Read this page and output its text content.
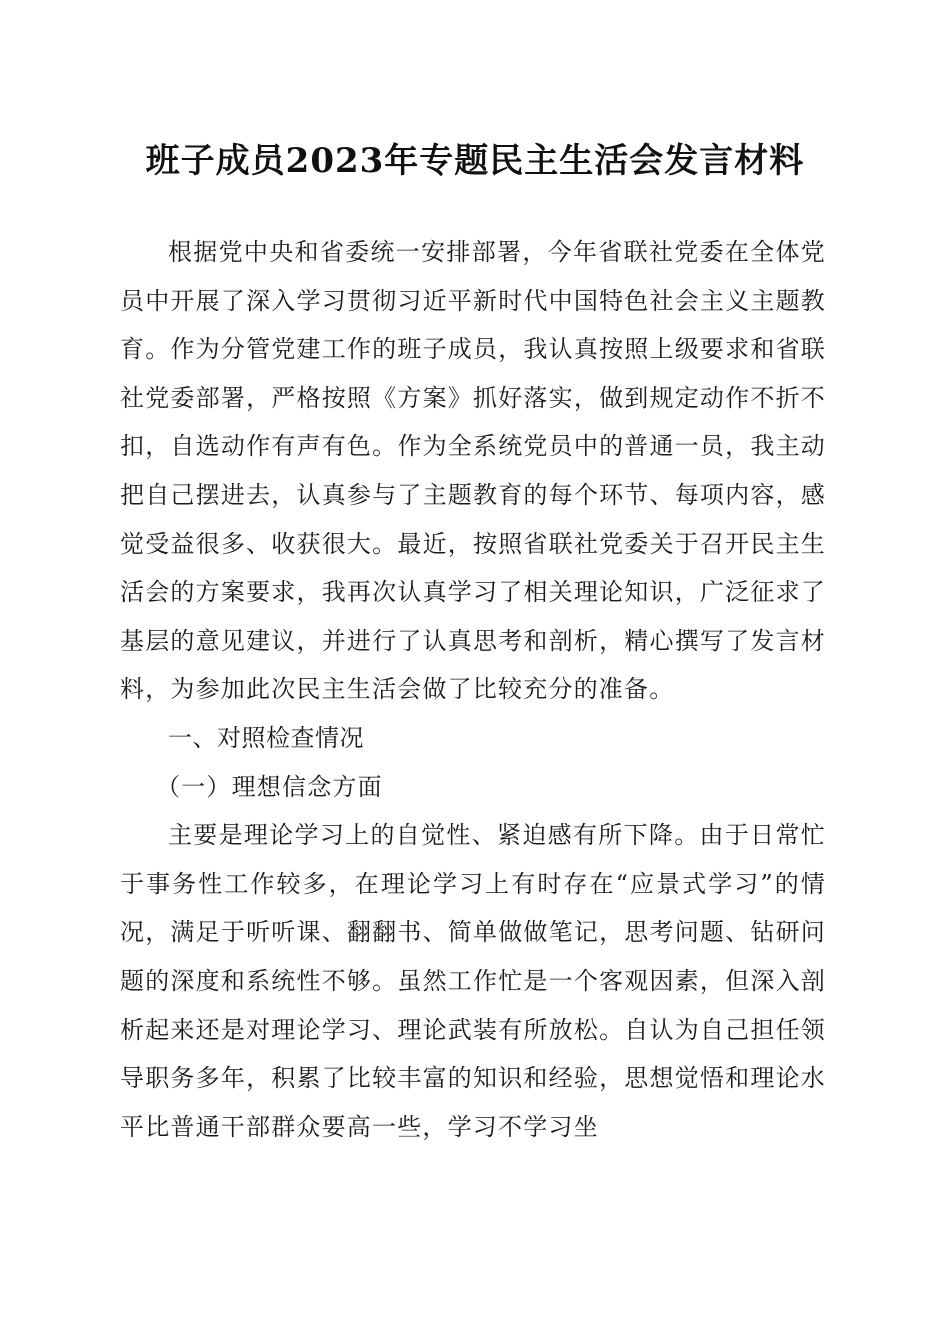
班子成员2023年专题民主生活会发言材料

根据党中央和省委统一安排部署，今年省联社党委在全体党员中开展了深入学习贯彻习近平新时代中国特色社会主义主题教育。作为分管党建工作的班子成员，我认真按照上级要求和省联社党委部署，严格按照《方案》抓好落实，做到规定动作不折不扣，自选动作有声有色。作为全系统党员中的普通一员，我主动把自己摆进去，认真参与了主题教育的每个环节、每项内容，感觉受益很多、收获很大。最近，按照省联社党委关于召开民主生活会的方案要求，我再次认真学习了相关理论知识，广泛征求了基层的意见建议，并进行了认真思考和剖析，精心撰写了发言材料，为参加此次民主生活会做了比较充分的准备。

一、对照检查情况

（一）理想信念方面

主要是理论学习上的自觉性、紧迫感有所下降。由于日常忙于事务性工作较多，在理论学习上有时存在“应景式学习”的情况，满足于听听课、翻翻书、简单做做笔记，思考问题、钻研问题的深度和系统性不够。虽然工作忙是一个客观因素，但深入剖析起来还是对理论学习、理论武装有所放松。自认为自己担任领导职务多年，积累了比较丰富的知识和经验，思想觉悟和理论水平比普通干部群众要高一些，学习不学习坐
